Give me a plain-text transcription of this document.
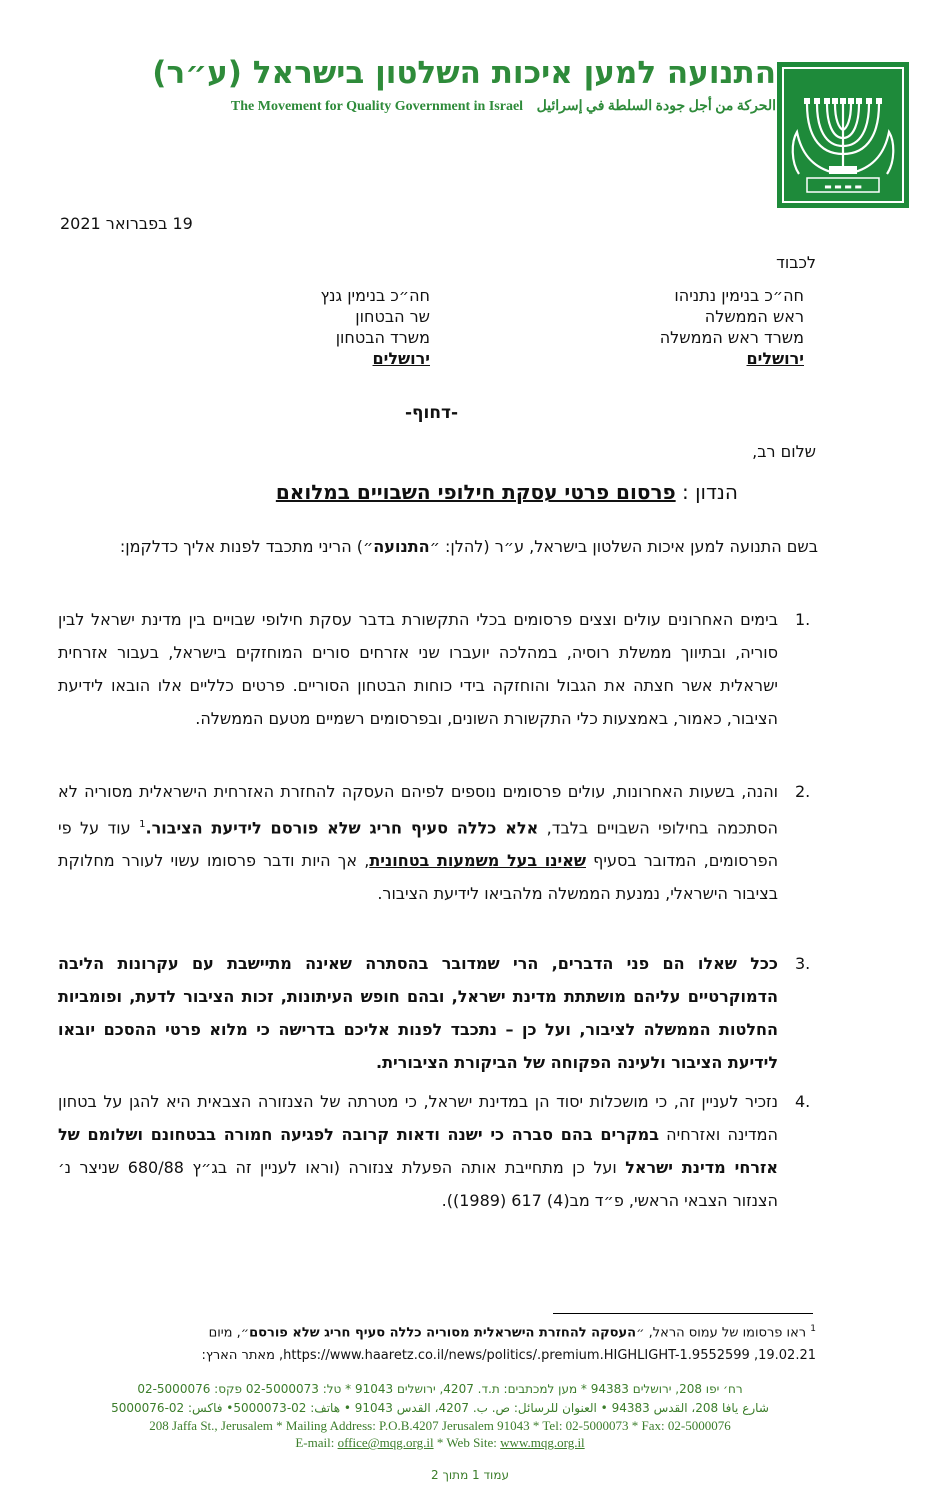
▬ ▬ ▬ ▬
התנועה למען איכות השלטון בישראל (ע״ר)
The Movement for Quality Government in Israel الحركة من أجل جودة السلطة في إسرائيل
19 בפברואר 2021
לכבוד
חה״כ בנימין נתניהו
ראש הממשלה
משרד ראש הממשלה
ירושלים
חה״כ בנימין גנץ
שר הבטחון
משרד הבטחון
ירושלים
-דחוף-
שלום רב,
הנדון : פרסום פרטי עסקת חילופי השבויים במלואם
בשם התנועה למען איכות השלטון בישראל, ע״ר (להלן: ״התנועה״) הריני מתכבד לפנות אליך כדלקמן:
1.
בימים האחרונים עולים וצצים פרסומים בכלי התקשורת בדבר עסקת חילופי שבויים בין מדינת ישראל לבין סוריה, ובתיווך ממשלת רוסיה, במהלכה יועברו שני אזרחים סורים המוחזקים בישראל, בעבור אזרחית ישראלית אשר חצתה את הגבול והוחזקה בידי כוחות הבטחון הסוריים. פרטים כלליים אלו הובאו לידיעת הציבור, כאמור, באמצעות כלי התקשורת השונים, ובפרסומים רשמיים מטעם הממשלה.
2.
והנה, בשעות האחרונות, עולים פרסומים נוספים לפיהם העסקה להחזרת האזרחית הישראלית מסוריה לא הסתכמה בחילופי השבויים בלבד, אלא כללה סעיף חריג שלא פורסם לידיעת הציבור.$^1$ עוד על פי הפרסומים, המדובר בסעיף שאינו בעל משמעות בטחונית, אך היות ודבר פרסומו עשוי לעורר מחלוקת בציבור הישראלי, נמנעת הממשלה מלהביאו לידיעת הציבור.
3.
ככל שאלו הם פני הדברים, הרי שמדובר בהסתרה שאינה מתיישבת עם עקרונות הליבה הדמוקרטיים עליהם מושתתת מדינת ישראל, ובהם חופש העיתונות, זכות הציבור לדעת, ופומביות החלטות הממשלה לציבור, ועל כן – נתכבד לפנות אליכם בדרישה כי מלוא פרטי ההסכם יובאו לידיעת הציבור ולעינה הפקוחה של הביקורת הציבורית.
4.
נזכיר לעניין זה, כי מושכלות יסוד הן במדינת ישראל, כי מטרתה של הצנזורה הצבאית היא להגן על בטחון המדינה ואזרחיה במקרים בהם סברה כי ישנה ודאות קרובה לפגיעה חמורה בבטחונם ושלומם של אזרחי מדינת ישראל ועל כן מתחייבת אותה הפעלת צנזורה (וראו לעניין זה בג״ץ 680/88 שניצר נ׳ הצנזור הצבאי הראשי, פ״ד מב(4) 617 (1989)).
$^1$ ראו פרסומו של עמוס הראל, ״העסקה להחזרת הישראלית מסוריה כללה סעיף חריג שלא פורסם״, מיום
https://www.haaretz.co.il/news/politics/.premium.HIGHLIGHT-1.9552599 ,19.02.21, מאתר הארץ:
רח׳ יפו 208, ירושלים 94383 * מען למכתבים: ת.ד. 4207, ירושלים 91043 * טל: 02-5000073 פקס: 02-5000076
شارع يافا 208، القدس 94383 • العنوان للرسائل: ص. ب. 4207، القدس 91043 • هاتف: 02-5000073• فاكس: 02-5000076
208 Jaffa St., Jerusalem * Mailing Address: P.O.B.4207 Jerusalem 91043 * Tel: 02-5000073 * Fax: 02-5000076
E-mail: office@mqg.org.il * Web Site: www.mqg.org.il
עמוד 1 מתוך 2
